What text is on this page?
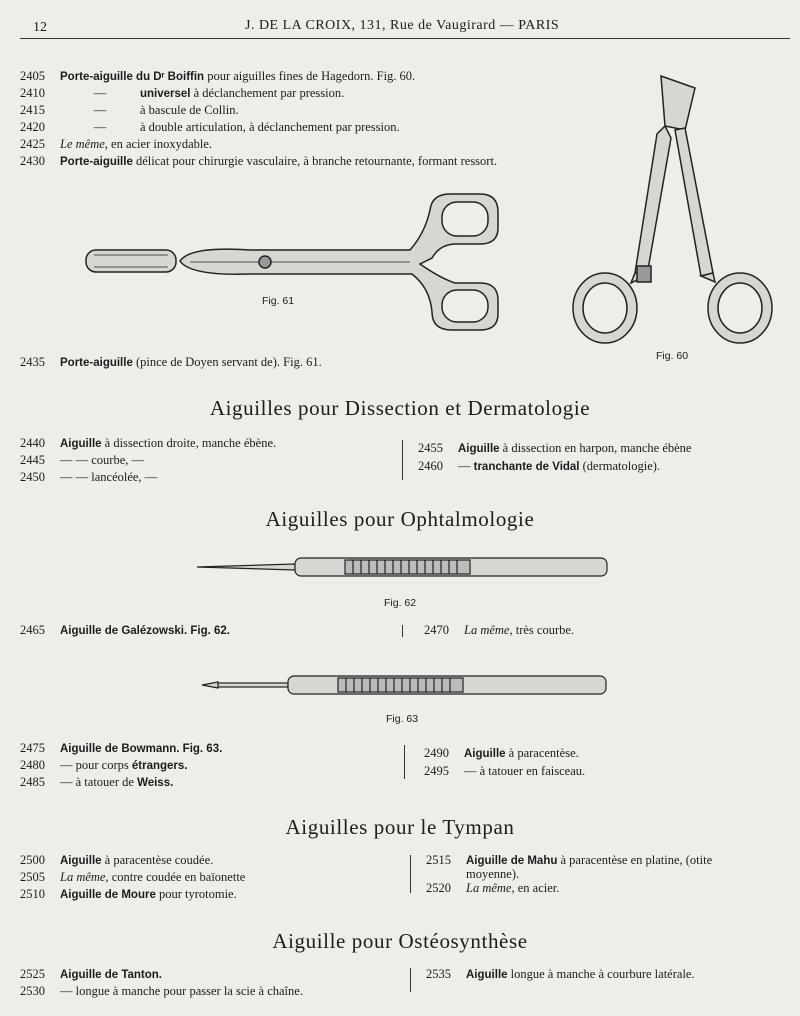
12	J. DE LA CROIX, 131, Rue de Vaugirard — PARIS
2405 Porte-aiguille du Dʳ Boiffin pour aiguilles fines de Hagedorn. Fig. 60.
2410	—	universel à déclanchement par pression.
2415	—	à bascule de Collin.
2420	—	à double articulation, à déclanchement par pression.
2425 Le même, en acier inoxydable.
2430 Porte-aiguille délicat pour chirurgie vasculaire, à branche retournante, formant ressort.
Fig. 61
Fig. 60
2435 Porte-aiguille (pince de Doyen servant de). Fig. 61.
Aiguilles pour Dissection et Dermatologie
2440 Aiguille à dissection droite, manche ébène.
2445 — — courbe, —
2450 — — lancéolée, —
2455 Aiguille à dissection en harpon, manche ébène
2460 — tranchante de Vidal (dermatologie).
Aiguilles pour Ophtalmologie
Fig. 62
2465 Aiguille de Galézowski. Fig. 62.	2470 La même, très courbe.
Fig. 63
2475 Aiguille de Bowmann. Fig. 63.
2480 — pour corps étrangers.
2485 — à tatouer de Weiss.
2490 Aiguille à paracentèse.
2495 — à tatouer en faisceau.
Aiguilles pour le Tympan
2500 Aiguille à paracentèse coudée.
2505 La même, contre coudée en baïonette
2510 Aiguille de Moure pour tyrotomie.
2515 Aiguille de Mahu à paracentèse en platine, (otite
moyenne).
2520 La même, en acier.
Aiguille pour Ostéosynthèse
2525 Aiguille de Tanton.
2530 — longue à manche pour passer la scie à chaîne.
2535 Aiguille longue à manche à courbure latérale.
